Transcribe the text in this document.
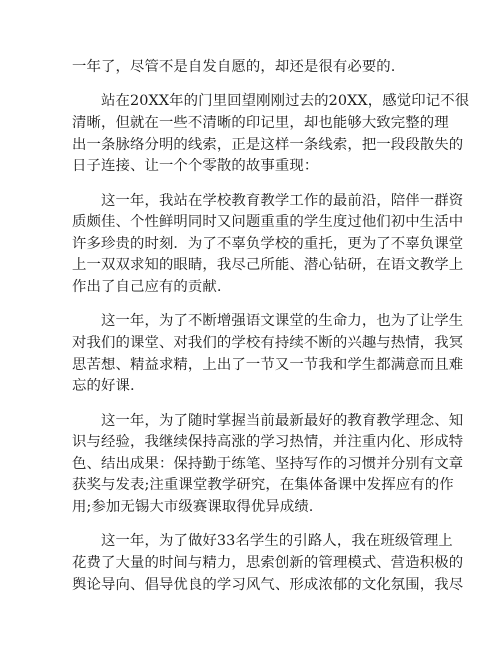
一年了，尽管不是自发自愿的，却还是很有必要的.
站在20XX年的门里回望刚刚过去的20XX，感觉印记不很
清晰，但就在一些不清晰的印记里，却也能够大致完整的理
出一条脉络分明的线索，正是这样一条线索，把一段段散失的
日子连接、让一个个零散的故事重现：
这一年，我站在学校教育教学工作的最前沿，陪伴一群资
质颇佳、个性鲜明同时又问题重重的学生度过他们初中生活中
许多珍贵的时刻．为了不辜负学校的重托，更为了不辜负课堂
上一双双求知的眼睛，我尽己所能、潜心钻研，在语文教学上
作出了自己应有的贡献.
这一年，为了不断增强语文课堂的生命力，也为了让学生
对我们的课堂、对我们的学校有持续不断的兴趣与热情，我冥
思苦想、精益求精，上出了一节又一节我和学生都满意而且难
忘的好课.
这一年，为了随时掌握当前最新最好的教育教学理念、知
识与经验，我继续保持高涨的学习热情，并注重内化、形成特
色、结出成果：保持勤于练笔、坚持写作的习惯并分别有文章
获奖与发表;注重课堂教学研究，在集体备课中发挥应有的作
用;参加无锡大市级赛课取得优异成绩.
这一年，为了做好33名学生的引路人，我在班级管理上
花费了大量的时间与精力，思索创新的管理模式、营造积极的
舆论导向、倡导优良的学习风气、形成浓郁的文化氛围，我尽
